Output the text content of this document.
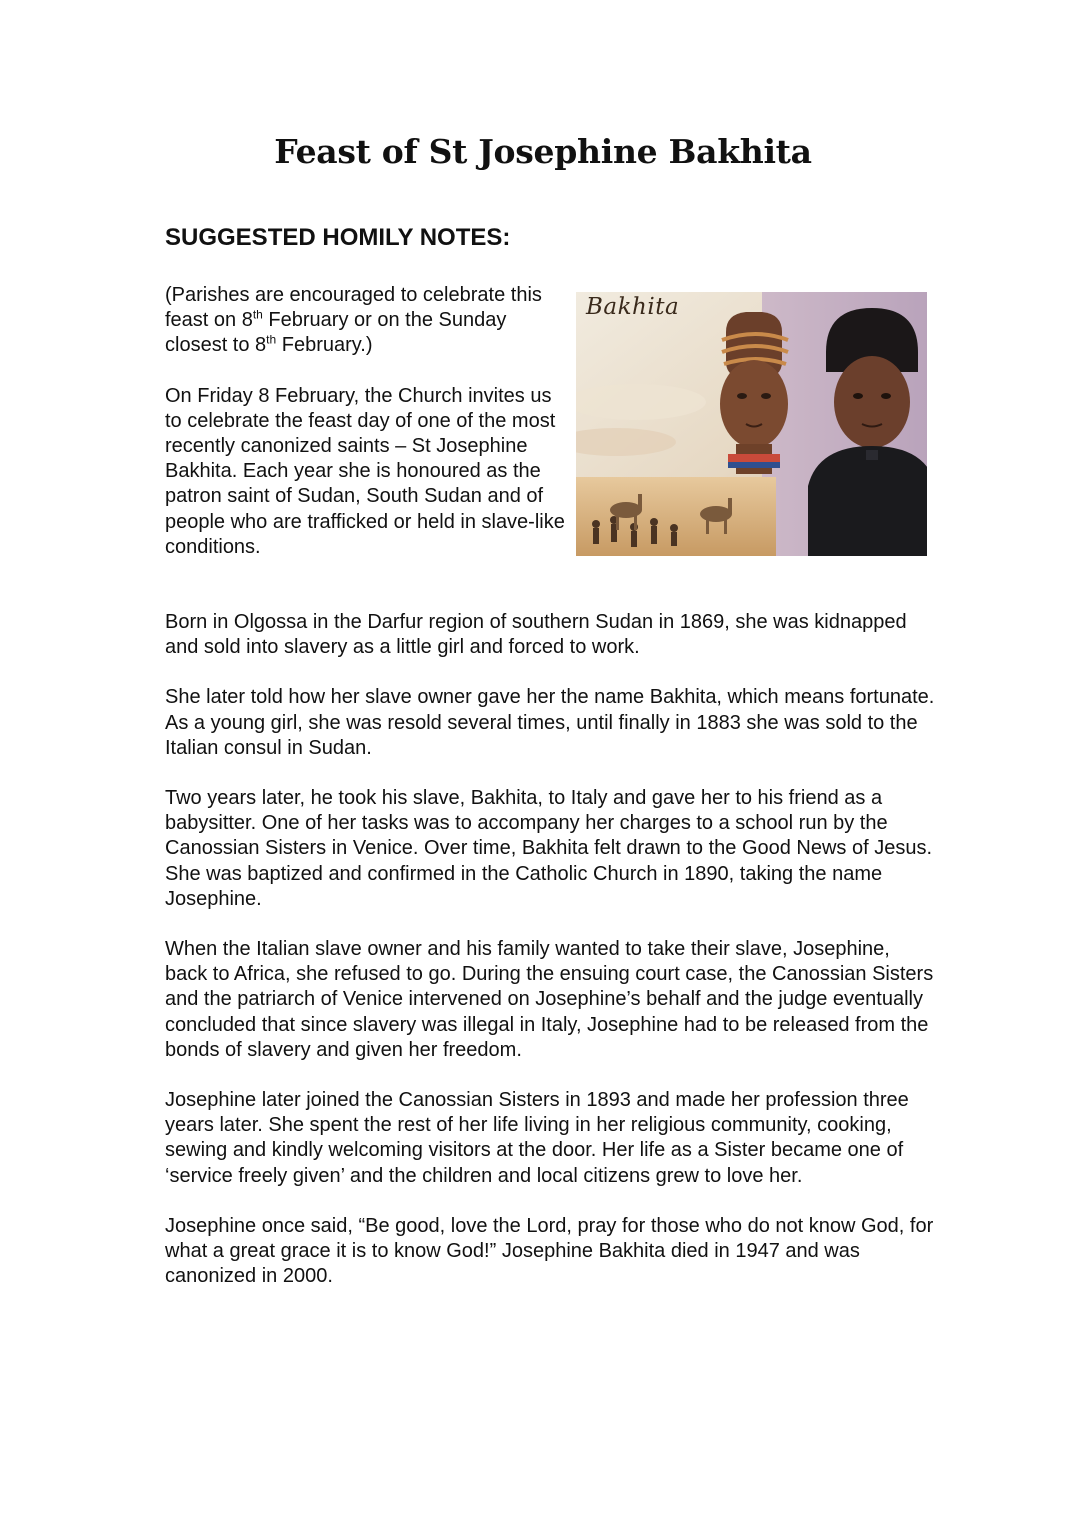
Feast of St Josephine Bakhita
SUGGESTED HOMILY NOTES:

(Parishes are encouraged to celebrate this feast on 8th February or on the Sunday closest to 8th February.)

On Friday 8 February, the Church invites us to celebrate the feast day of one of the most recently canonized saints – St Josephine Bakhita. Each year she is honoured as the patron saint of Sudan, South Sudan and of people who are trafficked or held in slave-like conditions.

Bakhita

Born in Olgossa in the Darfur region of southern Sudan in 1869, she was kidnapped and sold into slavery as a little girl and forced to work.

She later told how her slave owner gave her the name Bakhita, which means fortunate. As a young girl, she was resold several times, until finally in 1883 she was sold to the Italian consul in Sudan.

Two years later, he took his slave, Bakhita, to Italy and gave her to his friend as a babysitter. One of her tasks was to accompany her charges to a school run by the Canossian Sisters in Venice. Over time, Bakhita felt drawn to the Good News of Jesus. She was baptized and confirmed in the Catholic Church in 1890, taking the name Josephine.

When the Italian slave owner and his family wanted to take their slave, Josephine, back to Africa, she refused to go. During the ensuing court case, the Canossian Sisters and the patriarch of Venice intervened on Josephine’s behalf and the judge eventually concluded that since slavery was illegal in Italy, Josephine had to be released from the bonds of slavery and given her freedom.

Josephine later joined the Canossian Sisters in 1893 and made her profession three years later. She spent the rest of her life living in her religious community, cooking, sewing and kindly welcoming visitors at the door. Her life as a Sister became one of ‘service freely given’ and the children and local citizens grew to love her.

Josephine once said, “Be good, love the Lord, pray for those who do not know God, for what a great grace it is to know God!” Josephine Bakhita died in 1947 and was canonized in 2000.
